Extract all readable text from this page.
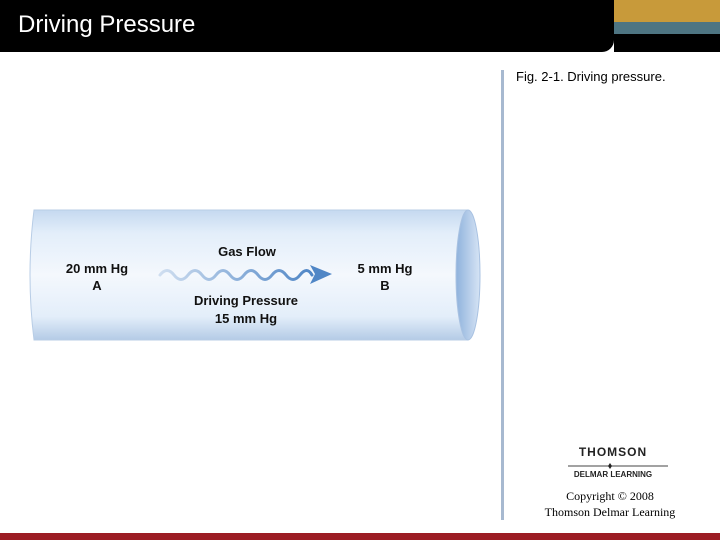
Driving Pressure
Fig. 2-1. Driving pressure.
20 mm Hg
A
Gas Flow
Driving Pressure
15 mm Hg
5 mm Hg
B
THOMSON
DELMAR LEARNING
Copyright © 2008
Thomson Delmar Learning
